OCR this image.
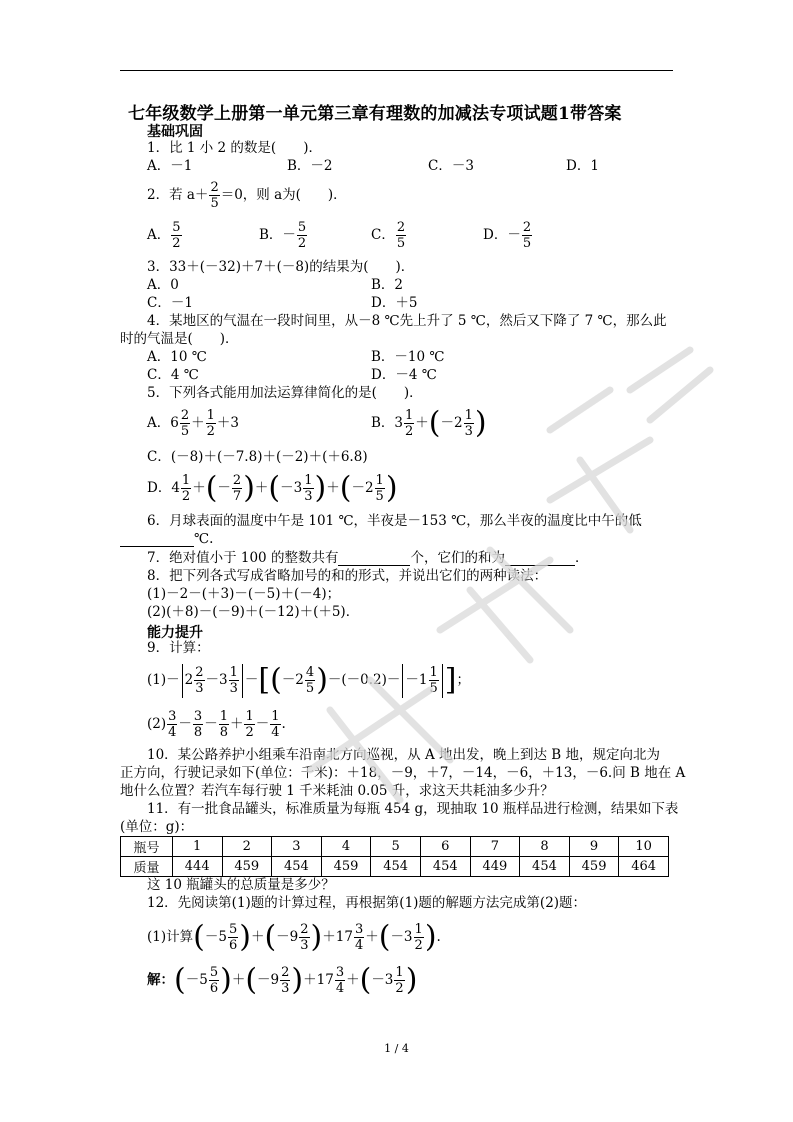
七年级数学上册第一单元第三章有理数的加减法专项试题1带答案
基础巩固
1．比 1 小 2 的数是(　　)．
A．－1	B．－2	C．－3	D．1
2．若 $a+ \frac{2}{5} =0$，则 a为(　　)．
A． $\frac{5}{2}$	B．－ $\frac{5}{2}$	C． $\frac{2}{5}$	D．－ $\frac{2}{5}$
3．33＋(－32)＋7＋(－8)的结果为(　　)．
A．0	B．2
C．－1	D．＋5
4．某地区的气温在一段时间里，从－8 ℃先上升了 5 ℃，然后又下降了 7 ℃，那么此
时的气温是(　　)．
A．10 ℃	B．－10 ℃
C．4 ℃	D．－4 ℃
5．下列各式能用加法运算律简化的是(　　)．
A．$6 \frac{2}{5} + \frac{1}{2} +3$	B．$3 \frac{1}{2} +(-2 \frac{1}{3}$ )
C．(－8)＋(－7.8)＋(－2)＋(＋6.8)
D．$4 \frac{1}{2}$ ＋(－ $\frac{2}{7} )+(-3 \frac{1}{3} )+(-2 \frac{1}{5}$ )
6．月球表面的温度中午是 101 ℃，半夜是－153 ℃，那么半夜的温度比中午的低
℃.
7．绝对值小于 100 的整数共有	个，它们的和为	．
8．把下列各式写成省略加号的和的形式，并说出它们的两种读法：
(1)－2－(＋3)－(－5)＋(－4)；
(2)(＋8)－(－9)＋(－12)＋(＋5)．
能力提升
9．计算：
$(1)- 2 \frac{2}{3} -3 \frac{1}{3} -[(-2 \frac{4}{5} )-(-0.2)- -1 \frac{1}{5}$ ]；
$(2) \frac{3}{4} - \frac{3}{8} - \frac{1}{8} + \frac{1}{2} - \frac{1}{4}$ .
10．某公路养护小组乘车沿南北方向巡视，从 A 地出发，晚上到达 B 地，规定向北为
正方向，行驶记录如下(单位：千米)：＋18，－9，＋7，－14，－6，＋13，－6.问 B 地在 A
地什么位置？若汽车每行驶 1 千米耗油 0.05 升，求这天共耗油多少升？
11．有一批食品罐头，标准质量为每瓶 454 g，现抽取 10 瓶样品进行检测，结果如下表
(单位：g)：
瓶号	1	2	3	4	5	6	7	8	9	10
质量	444	459	454	459	454	454	449	454	459	464
这 10 瓶罐头的总质量是多少？
12．先阅读第(1)题的计算过程，再根据第(1)题的解题方法完成第(2)题：
(1)计算$(-5 \frac{5}{6} )+(-9 \frac{2}{3} )+17 \frac{3}{4} +(-3 \frac{1}{2}$ ).
解：$(-5 \frac{5}{6} )+(-9 \frac{2}{3} )+17 \frac{3}{4} +(-3 \frac{1}{2}$ )
1 / 4
